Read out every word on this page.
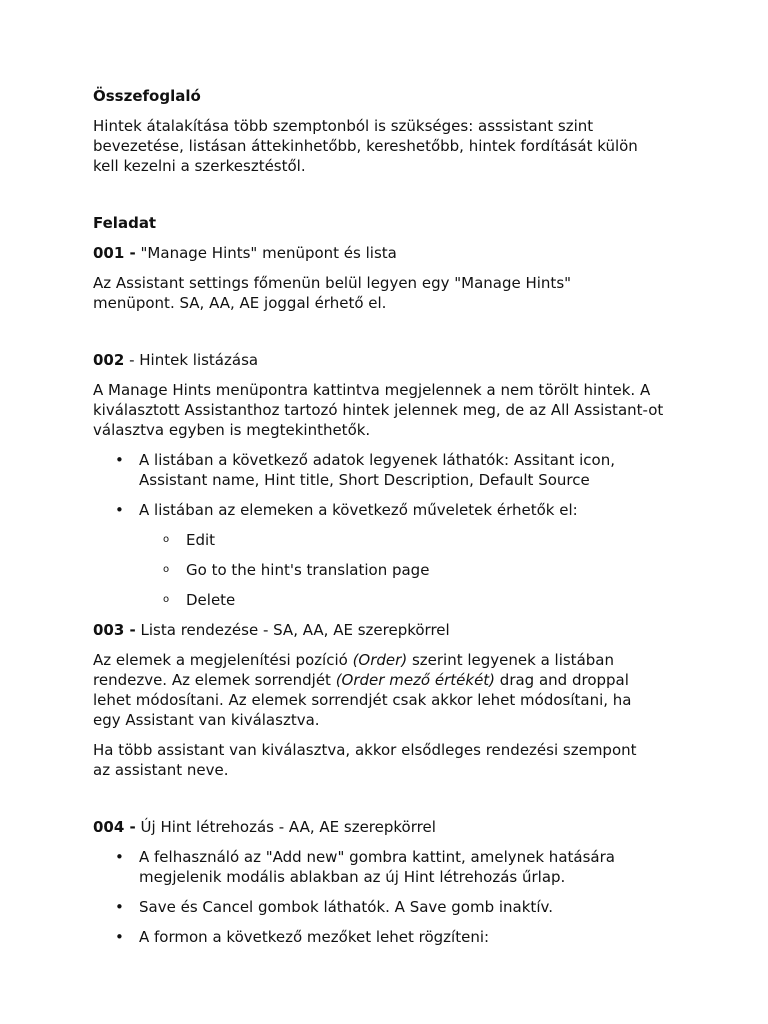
Összefoglaló

Hintek átalakítása több szemptonból is szükséges: asssistant szint bevezetése, listásan áttekinhetőbb, kereshetőbb, hintek fordítását külön kell kezelni a szerkesztéstől.

Feladat

001 - "Manage Hints" menüpont és lista

Az Assistant settings főmenün belül legyen egy "Manage Hints" menüpont. SA, AA, AE joggal érhető el.

002 - Hintek listázása

A Manage Hints menüpontra kattintva megjelennek a nem törölt hintek. A kiválasztott Assistanthoz tartozó hintek jelennek meg, de az All Assistant-ot választva egyben is megtekinthetők.

• A listában a következő adatok legyenek láthatók: Assitant icon, Assistant name, Hint title, Short Description, Default Source
• A listában az elemeken a következő műveletek érhetők el:
o Edit
o Go to the hint's translation page
o Delete

003 - Lista rendezése - SA, AA, AE szerepkörrel

Az elemek a megjelenítési pozíció (Order) szerint legyenek a listában rendezve. Az elemek sorrendjét (Order mező értékét) drag and droppal lehet módosítani. Az elemek sorrendjét csak akkor lehet módosítani, ha egy Assistant van kiválasztva.

Ha több assistant van kiválasztva, akkor elsődleges rendezési szempont az assistant neve.

004 - Új Hint létrehozás - AA, AE szerepkörrel

• A felhasználó az "Add new" gombra kattint, amelynek hatására megjelenik modális ablakban az új Hint létrehozás űrlap.
• Save és Cancel gombok láthatók. A Save gomb inaktív.
• A formon a következő mezőket lehet rögzíteni:
